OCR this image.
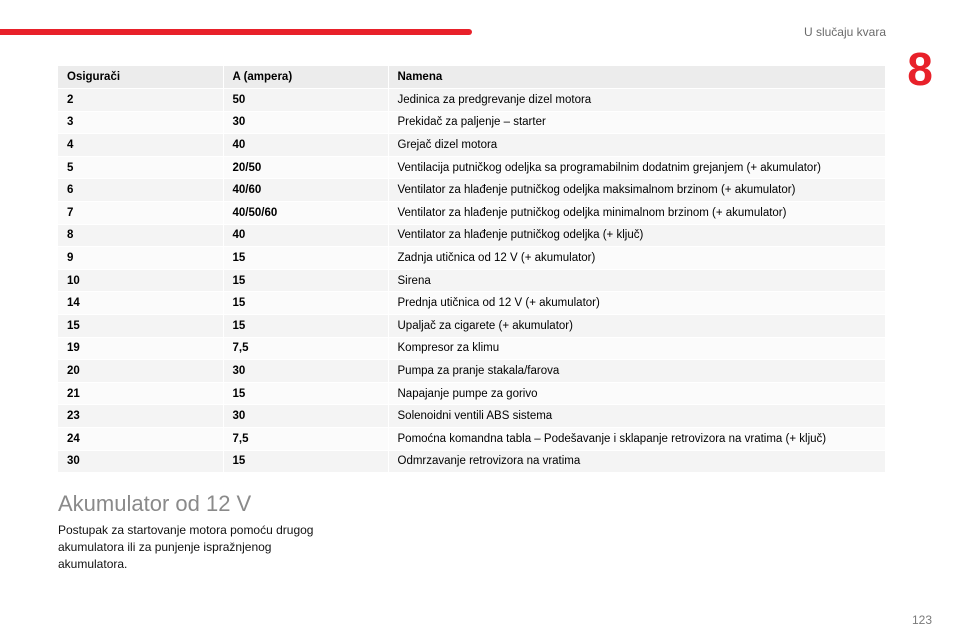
U slučaju kvara
8
Osigurači	A (ampera)	Namena
2	50	Jedinica za predgrevanje dizel motora
3	30	Prekidač za paljenje – starter
4	40	Grejač dizel motora
5	20/50	Ventilacija putničkog odeljka sa programabilnim dodatnim grejanjem (+ akumulator)
6	40/60	Ventilator za hlađenje putničkog odeljka maksimalnom brzinom (+ akumulator)
7	40/50/60	Ventilator za hlađenje putničkog odeljka minimalnom brzinom (+ akumulator)
8	40	Ventilator za hlađenje putničkog odeljka (+ ključ)
9	15	Zadnja utičnica od 12 V (+ akumulator)
10	15	Sirena
14	15	Prednja utičnica od 12 V (+ akumulator)
15	15	Upaljač za cigarete (+ akumulator)
19	7,5	Kompresor za klimu
20	30	Pumpa za pranje stakala/farova
21	15	Napajanje pumpe za gorivo
23	30	Solenoidni ventili ABS sistema
24	7,5	Pomoćna komandna tabla – Podešavanje i sklapanje retrovizora na vratima (+ ključ)
30	15	Odmrzavanje retrovizora na vratima
Akumulator od 12 V
Postupak za startovanje motora pomoću drugog akumulatora ili za punjenje ispražnjenog akumulatora.
123
